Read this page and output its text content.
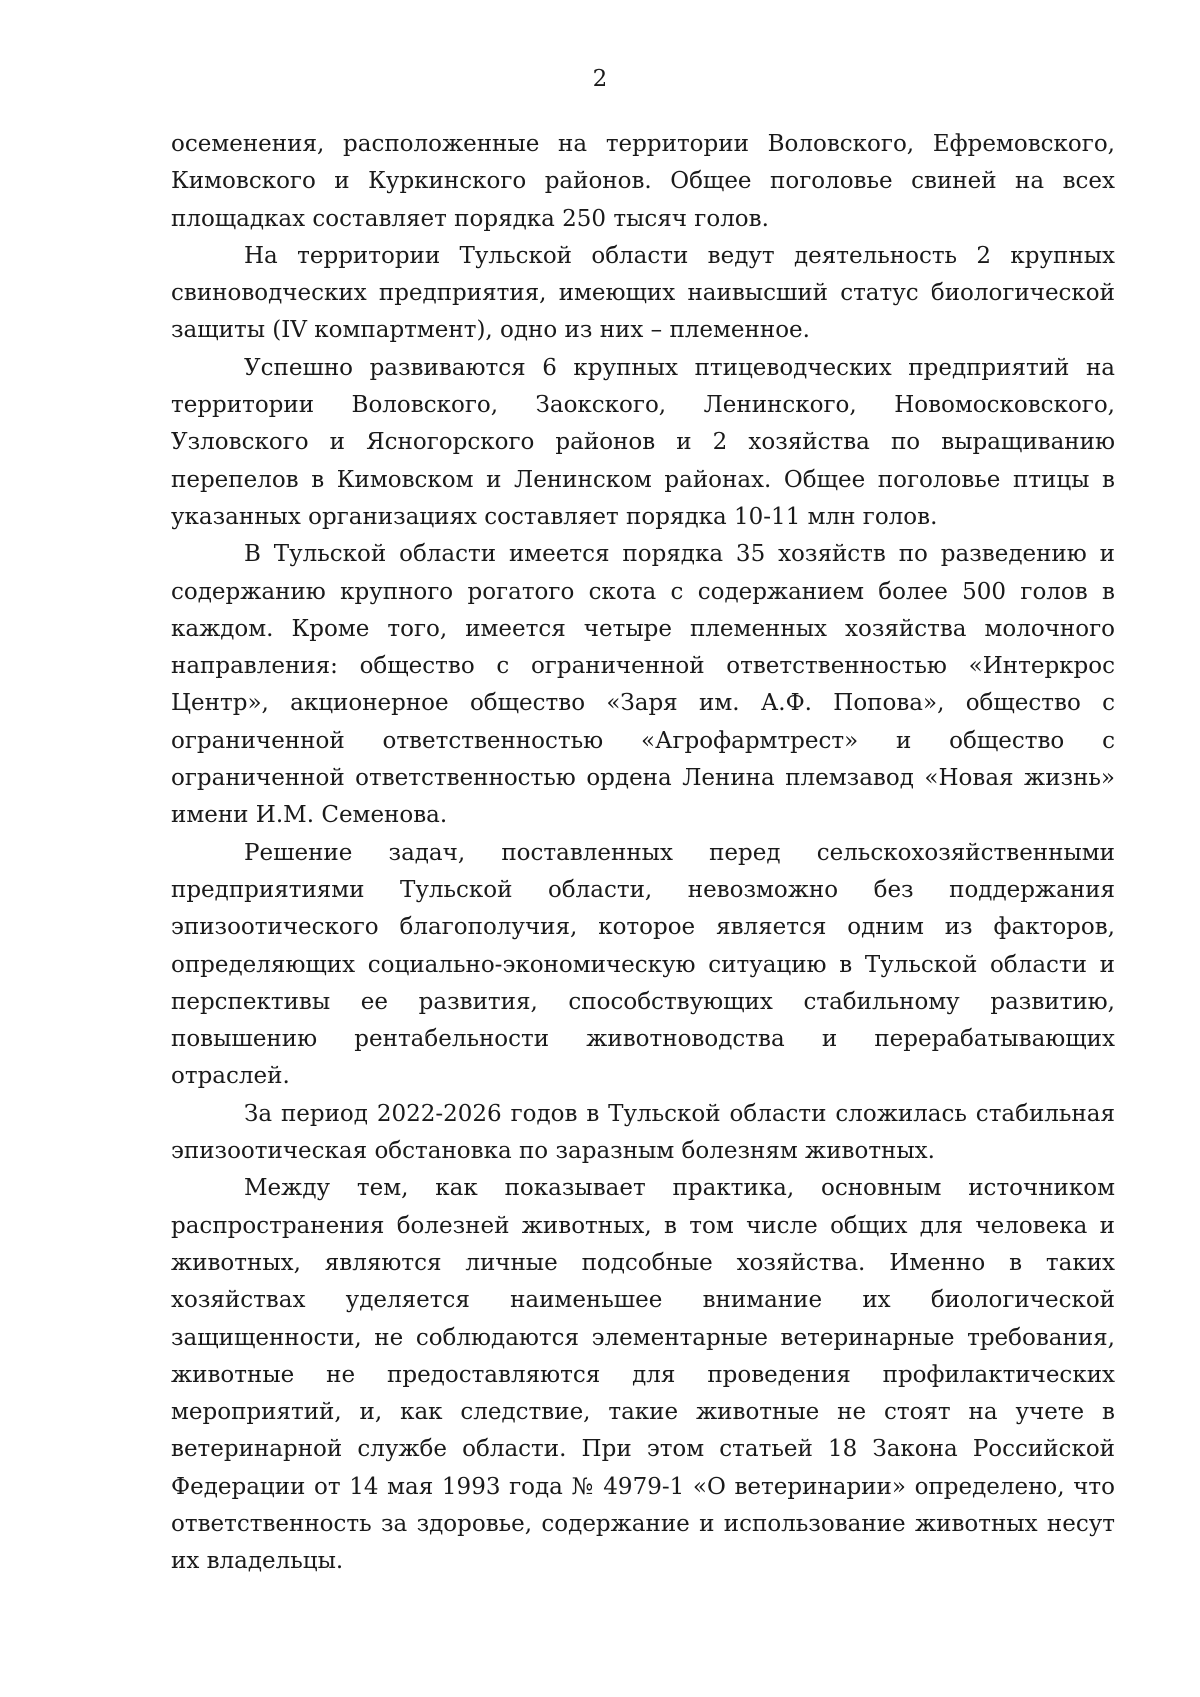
2

осеменения, расположенные на территории Воловского, Ефремовского, Кимовского и Куркинского районов. Общее поголовье свиней на всех площадках составляет порядка 250 тысяч голов.

На территории Тульской области ведут деятельность 2 крупных свиноводческих предприятия, имеющих наивысший статус биологической защиты (IV компартмент), одно из них – племенное.

Успешно развиваются 6 крупных птицеводческих предприятий на территории Воловского, Заокского, Ленинского, Новомосковского, Узловского и Ясногорского районов и 2 хозяйства по выращиванию перепелов в Кимовском и Ленинском районах. Общее поголовье птицы в указанных организациях составляет порядка 10-11 млн голов.

В Тульской области имеется порядка 35 хозяйств по разведению и содержанию крупного рогатого скота с содержанием более 500 голов в каждом. Кроме того, имеется четыре племенных хозяйства молочного направления: общество с ограниченной ответственностью «Интеркрос Центр», акционерное общество «Заря им. А.Ф. Попова», общество с ограниченной ответственностью «Агрофармтрест» и общество с ограниченной ответственностью ордена Ленина племзавод «Новая жизнь» имени И.М. Семенова.

Решение задач, поставленных перед сельскохозяйственными предприятиями Тульской области, невозможно без поддержания эпизоотического благополучия, которое является одним из факторов, определяющих социально-экономическую ситуацию в Тульской области и перспективы ее развития, способствующих стабильному развитию, повышению рентабельности животноводства и перерабатывающих отраслей.

За период 2022-2026 годов в Тульской области сложилась стабильная эпизоотическая обстановка по заразным болезням животных.

Между тем, как показывает практика, основным источником распространения болезней животных, в том числе общих для человека и животных, являются личные подсобные хозяйства. Именно в таких хозяйствах уделяется наименьшее внимание их биологической защищенности, не соблюдаются элементарные ветеринарные требования, животные не предоставляются для проведения профилактических мероприятий, и, как следствие, такие животные не стоят на учете в ветеринарной службе области. При этом статьей 18 Закона Российской Федерации от 14 мая 1993 года № 4979-1 «О ветеринарии» определено, что ответственность за здоровье, содержание и использование животных несут их владельцы.
